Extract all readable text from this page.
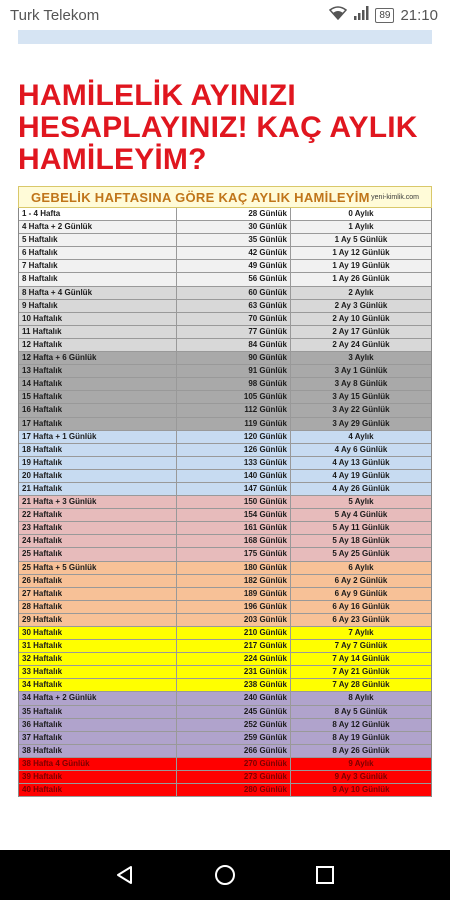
Turk Telekom	89 21:10
HAMİLELİK AYINIZI
HESAPLAYINIZ! KAÇ AYLIK
HAMİLEYİM?
GEBELİK HAFTASINA GÖRE KAÇ AYLIK HAMİLEYİM yeni-kimlik.com
1 - 4 Hafta	28 Günlük	0 Aylık
4 Hafta + 2 Günlük	30 Günlük	1 Aylık
5 Haftalık	35 Günlük	1 Ay 5 Günlük
6 Haftalık	42 Günlük	1 Ay 12 Günlük
7 Haftalık	49 Günlük	1 Ay 19 Günlük
8 Haftalık	56 Günlük	1 Ay 26 Günlük
8 Hafta + 4 Günlük	60 Günlük	2 Aylık
9 Haftalık	63 Günlük	2 Ay 3 Günlük
10 Haftalık	70 Günlük	2 Ay 10 Günlük
11 Haftalık	77 Günlük	2 Ay 17 Günlük
12 Haftalık	84 Günlük	2 Ay 24 Günlük
12 Hafta + 6 Günlük	90 Günlük	3 Aylık
13 Haftalık	91 Günlük	3 Ay 1 Günlük
14 Haftalık	98 Günlük	3 Ay 8 Günlük
15 Haftalık	105 Günlük	3 Ay 15 Günlük
16 Haftalık	112 Günlük	3 Ay 22 Günlük
17 Haftalık	119 Günlük	3 Ay 29 Günlük
17 Hafta + 1 Günlük	120 Günlük	4 Aylık
18 Haftalık	126 Günlük	4 Ay 6 Günlük
19 Haftalık	133 Günlük	4 Ay 13 Günlük
20 Haftalık	140 Günlük	4 Ay 19 Günlük
21 Haftalık	147 Günlük	4 Ay 26 Günlük
21 Hafta + 3 Günlük	150 Günlük	5 Aylık
22 Haftalık	154 Günlük	5 Ay 4 Günlük
23 Haftalık	161 Günlük	5 Ay 11 Günlük
24 Haftalık	168 Günlük	5 Ay 18 Günlük
25 Haftalık	175 Günlük	5 Ay 25 Günlük
25 Hafta + 5 Günlük	180 Günlük	6 Aylık
26 Haftalık	182 Günlük	6 Ay 2 Günlük
27 Haftalık	189 Günlük	6 Ay 9 Günlük
28 Haftalık	196 Günlük	6 Ay 16 Günlük
29 Haftalık	203 Günlük	6 Ay 23 Günlük
30 Haftalık	210 Günlük	7 Aylık
31 Haftalık	217 Günlük	7 Ay 7 Günlük
32 Haftalık	224 Günlük	7 Ay 14 Günlük
33 Haftalık	231 Günlük	7 Ay 21 Günlük
34 Haftalık	238 Günlük	7 Ay 28 Günlük
34 Hafta + 2 Günlük	240 Günlük	8 Aylık
35 Haftalık	245 Günlük	8 Ay 5 Günlük
36 Haftalık	252 Günlük	8 Ay 12 Günlük
37 Haftalık	259 Günlük	8 Ay 19 Günlük
38 Haftalık	266 Günlük	8 Ay 26 Günlük
38 Hafta 4 Günlük	270 Günlük	9 Aylık
39 Haftalık	273 Günlük	9 Ay 3 Günlük
40 Haftalık	280 Günlük	9 Ay 10 Günlük
